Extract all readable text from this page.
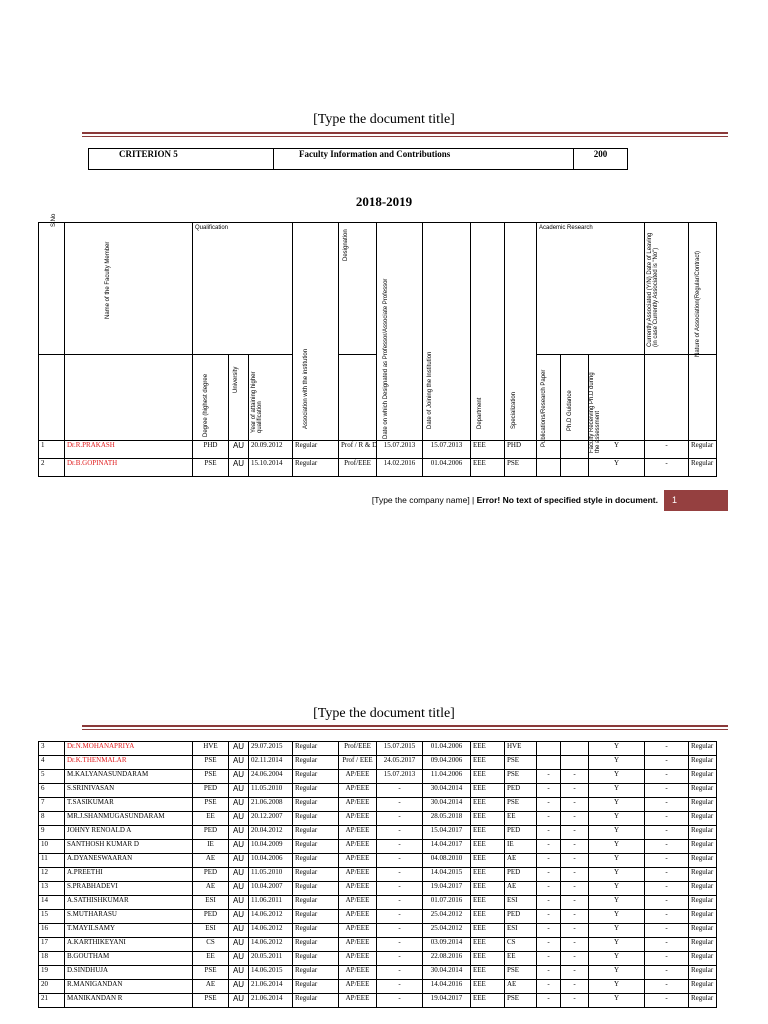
[Type the document title]
CRITERION 5	Faculty Information and Contributions	200
2018-2019
S.No	Name of the Faculty Member	Qualification			Association with the institution	Designation	Date on which Designated as Professor/Associate Professor	Date of Joining the Institution	Department	Specialization	Academic Research			Currently Associated (Y/N) Date of Leaving (in case Currently Associated is "No")	Nature of Association(Regular/Contract)

		Degree (highest degree	University	Year of attaining higher qualification							Publications/Research Paper	Ph.D Guidance	Faculty Receiving Ph.D during the assessment		

1	Dr.R.PRAKASH	PHD	AU	20.09.2012	Regular	Prof / R & D	15.07.2013	15.07.2013	EEE	PHD			Y	-	Regular
2	Dr.B.GOPINATH	PSE	AU	15.10.2014	Regular	Prof/EEE	14.02.2016	01.04.2006	EEE	PSE			Y	-	Regular
[Type the company name] | Error! No text of specified style in document.	1
[Type the document title]
3	Dr.N.MOHANAPRIYA	HVE	AU	29.07.2015	Regular	Prof/EEE	15.07.2015	01.04.2006	EEE	HVE			Y	-	Regular
4	Dr.K.THENMALAR	PSE	AU	02.11.2014	Regular	Prof / EEE	24.05.2017	09.04.2006	EEE	PSE			Y	-	Regular
5	M.KALYANASUNDARAM	PSE	AU	24.06.2004	Regular	AP/EEE	15.07.2013	11.04.2006	EEE	PSE	-	-	Y	-	Regular
6	S.SRINIVASAN	PED	AU	11.05.2010	Regular	AP/EEE	-	30.04.2014	EEE	PED	-	-	Y	-	Regular
7	T.SASIKUMAR	PSE	AU	21.06.2008	Regular	AP/EEE	-	30.04.2014	EEE	PSE	-	-	Y	-	Regular
8	MR.J.SHANMUGASUNDARAM	EE	AU	20.12.2007	Regular	AP/EEE	-	28.05.2018	EEE	EE	-	-	Y	-	Regular
9	JOHNY RENOALD A	PED	AU	20.04.2012	Regular	AP/EEE	-	15.04.2017	EEE	PED	-	-	Y	-	Regular
10	SANTHOSH KUMAR D	IE	AU	10.04.2009	Regular	AP/EEE	-	14.04.2017	EEE	IE	-	-	Y	-	Regular
11	A.DYANESWAARAN	AE	AU	10.04.2006	Regular	AP/EEE	-	04.08.2010	EEE	AE	-	-	Y	-	Regular
12	A.PREETHI	PED	AU	11.05.2010	Regular	AP/EEE	-	14.04.2015	EEE	PED	-	-	Y	-	Regular
13	S.PRABHADEVI	AE	AU	10.04.2007	Regular	AP/EEE	-	19.04.2017	EEE	AE	-	-	Y	-	Regular
14	A.SATHISHKUMAR	ESI	AU	11.06.2011	Regular	AP/EEE	-	01.07.2016	EEE	ESI	-	-	Y	-	Regular
15	S.MUTHARASU	PED	AU	14.06.2012	Regular	AP/EEE	-	25.04.2012	EEE	PED	-	-	Y	-	Regular
16	T.MAYILSAMY	ESI	AU	14.06.2012	Regular	AP/EEE	-	25.04.2012	EEE	ESI	-	-	Y	-	Regular
17	A.KARTHIKEYANI	CS	AU	14.06.2012	Regular	AP/EEE	-	03.09.2014	EEE	CS	-	-	Y	-	Regular
18	B.GOUTHAM	EE	AU	20.05.2011	Regular	AP/EEE	-	22.08.2016	EEE	EE	-	-	Y	-	Regular
19	D.SINDHUJA	PSE	AU	14.06.2015	Regular	AP/EEE	-	30.04.2014	EEE	PSE	-	-	Y	-	Regular
20	R.MANIGANDAN	AE	AU	21.06.2014	Regular	AP/EEE	-	14.04.2016	EEE	AE	-	-	Y	-	Regular
21	MANIKANDAN R	PSE	AU	21.06.2014	Regular	AP/EEE	-	19.04.2017	EEE	PSE	-	-	Y	-	Regular
